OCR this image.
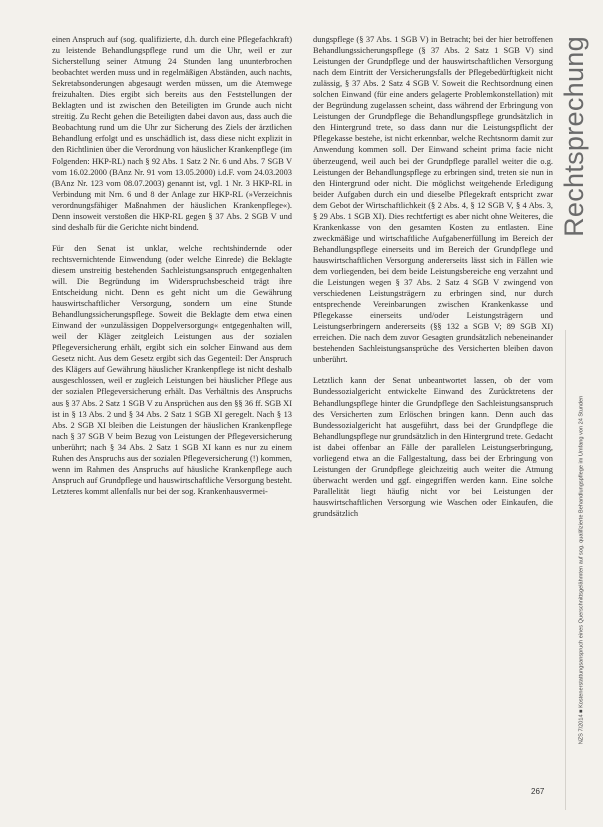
einen Anspruch auf (sog. qualifizierte, d.h. durch eine Pflegefachkraft) zu leistende Behandlungspflege rund um die Uhr, weil er zur Sicherstellung seiner Atmung 24 Stunden lang ununterbrochen beobachtet werden muss und in regelmäßigen Abständen, auch nachts, Sekretabsonderungen abgesaugt werden müssen, um die Atemwege freizuhalten. Dies ergibt sich bereits aus den Feststellungen der Beklagten und ist zwischen den Beteiligten im Grunde auch nicht streitig. Zu Recht gehen die Beteiligten dabei davon aus, dass auch die Beobachtung rund um die Uhr zur Sicherung des Ziels der ärztlichen Behandlung erfolgt und es unschädlich ist, dass diese nicht explizit in den Richtlinien über die Verordnung von häuslicher Krankenpflege (im Folgenden: HKP-RL) nach § 92 Abs. 1 Satz 2 Nr. 6 und Abs. 7 SGB V vom 16.02.2000 (BAnz Nr. 91 vom 13.05.2000) i.d.F. vom 24.03.2003 (BAnz Nr. 123 vom 08.07.2003) genannt ist, vgl. 1 Nr. 3 HKP-RL in Verbindung mit Nrn. 6 und 8 der Anlage zur HKP-RL (»Verzeichnis verordnungsfähiger Maßnahmen der häuslichen Krankenpflege«). Denn insoweit verstoßen die HKP-RL gegen § 37 Abs. 2 SGB V und sind deshalb für die Gerichte nicht bindend.

Für den Senat ist unklar, welche rechtshindernde oder rechtsvernichtende Einwendung (oder welche Einrede) die Beklagte diesem unstreitig bestehenden Sachleistungsanspruch entgegenhalten will. Die Begründung im Widerspruchsbescheid trägt ihre Entscheidung nicht. Denn es geht nicht um die Gewährung hauswirtschaftlicher Versorgung, sondern um eine Stunde Behandlungssicherungspflege. Soweit die Beklagte dem etwa einen Einwand der »unzulässigen Doppelversorgung« entgegenhalten will, weil der Kläger zeitgleich Leistungen aus der sozialen Pflegeversicherung erhält, ergibt sich ein solcher Einwand aus dem Gesetz nicht. Aus dem Gesetz ergibt sich das Gegenteil: Der Anspruch des Klägers auf Gewährung häuslicher Krankenpflege ist nicht deshalb ausgeschlossen, weil er zugleich Leistungen bei häuslicher Pflege aus der sozialen Pflegeversicherung erhält. Das Verhältnis des Anspruchs aus § 37 Abs. 2 Satz 1 SGB V zu Ansprüchen aus den §§ 36 ff. SGB XI ist in § 13 Abs. 2 und § 34 Abs. 2 Satz 1 SGB XI geregelt. Nach § 13 Abs. 2 SGB XI bleiben die Leistungen der häuslichen Krankenpflege nach § 37 SGB V beim Bezug von Leistungen der Pflegeversicherung unberührt; nach § 34 Abs. 2 Satz 1 SGB XI kann es nur zu einem Ruhen des Anspruchs aus der sozialen Pflegeversicherung (!) kommen, wenn im Rahmen des Anspruchs auf häusliche Krankenpflege auch Anspruch auf Grundpflege und hauswirtschaftliche Versorgung besteht. Letzteres kommt allenfalls nur bei der sog. Krankenhausvermei-

dungspflege (§ 37 Abs. 1 SGB V) in Betracht; bei der hier betroffenen Behandlungssicherungspflege (§ 37 Abs. 2 Satz 1 SGB V) sind Leistungen der Grundpflege und der hauswirtschaftlichen Versorgung nach dem Eintritt der Versicherungsfalls der Pflegebedürftigkeit nicht zulässig, § 37 Abs. 2 Satz 4 SGB V. Soweit die Rechtsordnung einen solchen Einwand (für eine anders gelagerte Problemkonstellation) mit der Begründung zugelassen scheint, dass während der Erbringung von Leistungen der Grundpflege die Behandlungspflege grundsätzlich in den Hintergrund trete, so dass dann nur die Leistungspflicht der Pflegekasse bestehe, ist nicht erkennbar, welche Rechtsnorm damit zur Anwendung kommen soll. Der Einwand scheint prima facie nicht überzeugend, weil auch bei der Grundpflege parallel weiter die o.g. Leistungen der Behandlungspflege zu erbringen sind, treten sie nun in den Hintergrund oder nicht. Die möglichst weitgehende Erledigung beider Aufgaben durch ein und dieselbe Pflegekraft entspricht zwar dem Gebot der Wirtschaftlichkeit (§ 2 Abs. 4, § 12 SGB V, § 4 Abs. 3, § 29 Abs. 1 SGB XI). Dies rechtfertigt es aber nicht ohne Weiteres, die Krankenkasse von den gesamten Kosten zu entlasten. Eine zweckmäßige und wirtschaftliche Aufgabenerfüllung im Bereich der Behandlungspflege einerseits und im Bereich der Grundpflege und hauswirtschaftlichen Versorgung andererseits lässt sich in Fällen wie dem vorliegenden, bei dem beide Leistungsbereiche eng verzahnt und die Leistungen wegen § 37 Abs. 2 Satz 4 SGB V zwingend von verschiedenen Leistungsträgern zu erbringen sind, nur durch entsprechende Vereinbarungen zwischen Krankenkasse und Pflegekasse einerseits und/oder Leistungsträgern und Leistungserbringern andererseits (§§ 132 a SGB V; 89 SGB XI) erreichen. Die nach dem zuvor Gesagten grundsätzlich nebeneinander bestehenden Sachleistungsansprüche des Versicherten bleiben davon unberührt.

Letztlich kann der Senat unbeantwortet lassen, ob der vom Bundessozialgericht entwickelte Einwand des Zurücktretens der Behandlungspflege hinter die Grundpflege den Sachleistungsanspruch des Versicherten zum Erlöschen bringen kann. Denn auch das Bundessozialgericht hat ausgeführt, dass bei der Grundpflege die Behandlungspflege nur grundsätzlich in den Hintergrund trete. Gedacht ist dabei offenbar an Fälle der parallelen Leistungserbringung, vorliegend etwa an die Fallgestaltung, dass bei der Erbringung von Leistungen der Grundpflege gleichzeitig auch weiter die Atmung überwacht werden und ggf. eingegriffen werden kann. Eine solche Parallelität liegt häufig nicht vor bei Leistungen der hauswirtschaftlichen Versorgung wie Waschen oder Einkaufen, die grundsätzlich

Rechtsprechung
NZS 7/2014 ■ Kostenerstattungsanspruch eines Querschnittsgelähmten auf sog. qualifizierte Behandlungspflege im Umfang von 24 Stunden
267
